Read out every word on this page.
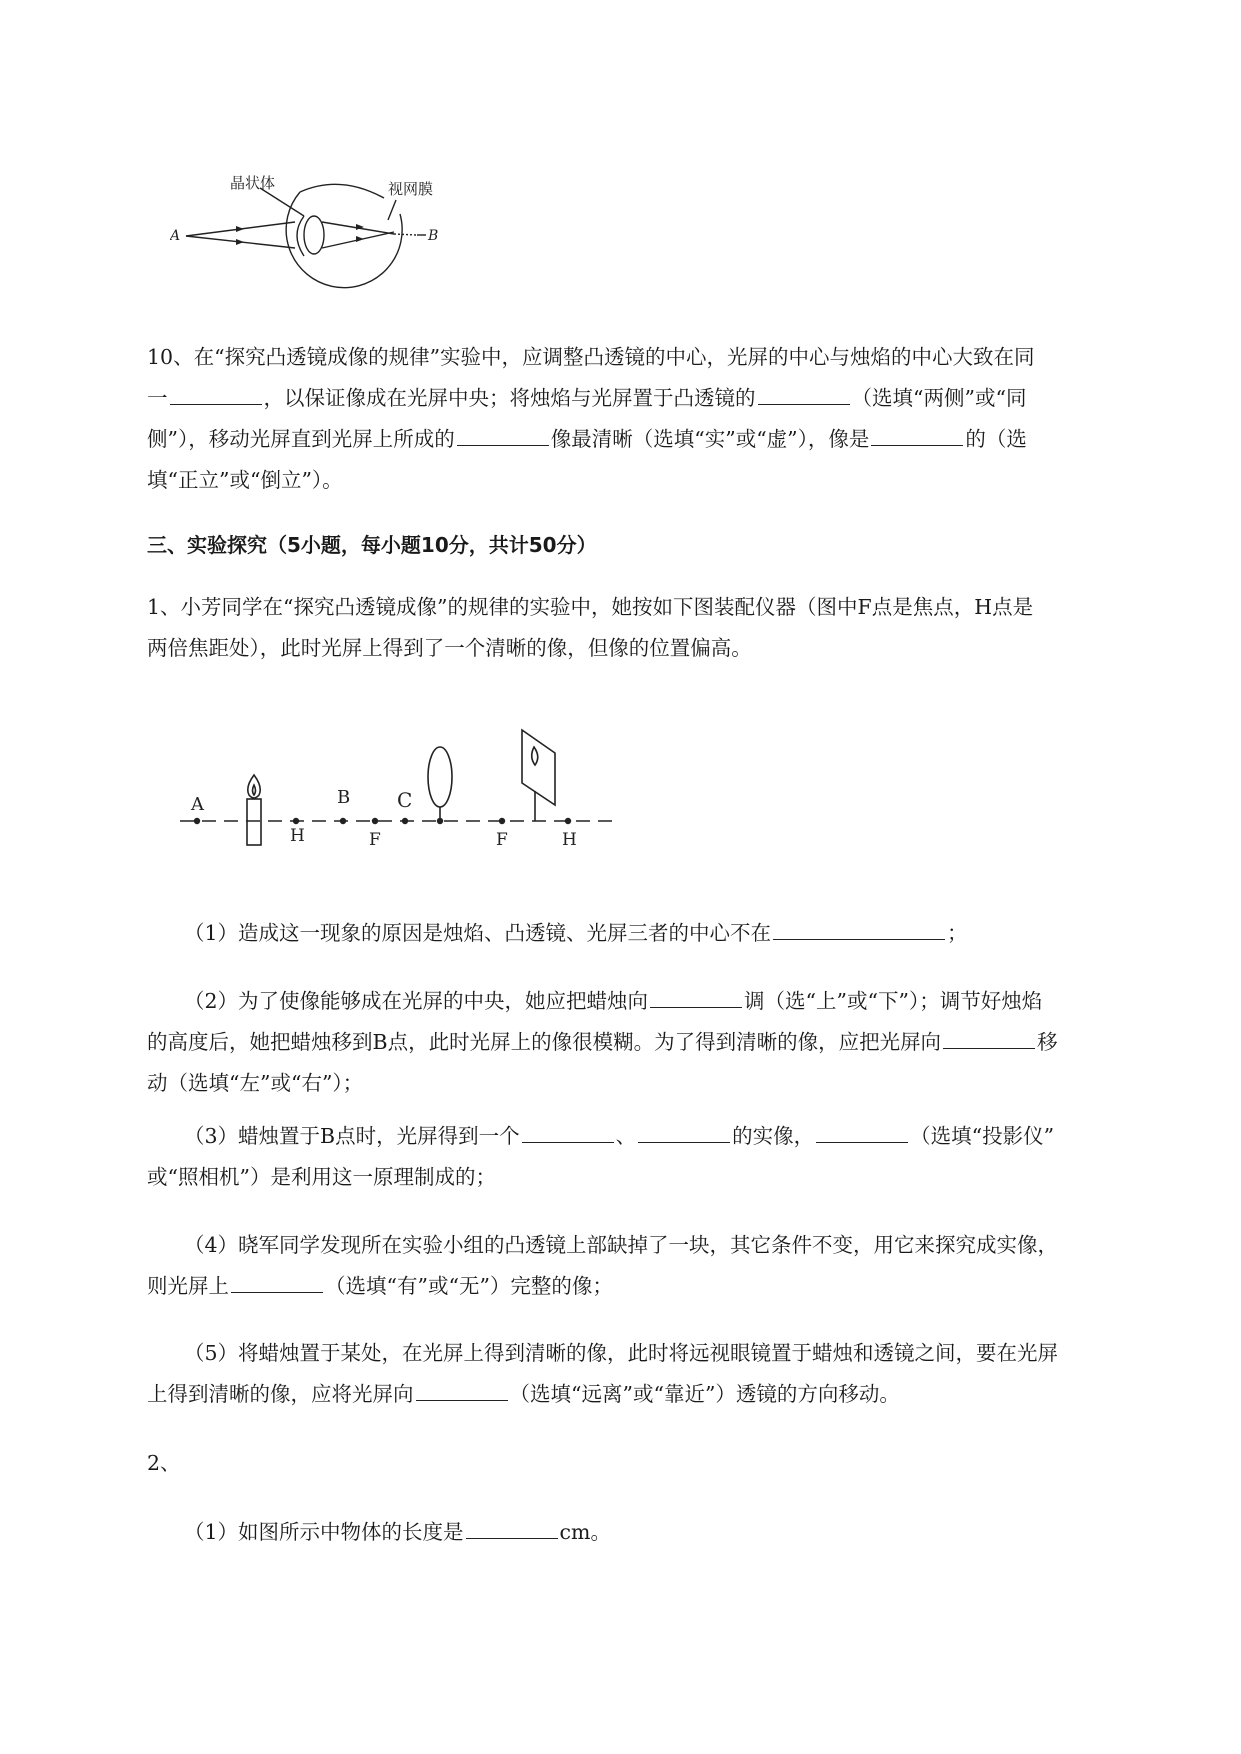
晶状体	视网膜
A	B
10、在“探究凸透镜成像的规律”实验中，应调整凸透镜的中心，光屏的中心与烛焰的中心大致在同
一	，以保证像成在光屏中央；将烛焰与光屏置于凸透镜的	（选填“两侧”或“同
侧”），移动光屏直到光屏上所成的	像最清晰（选填“实”或“虚”），像是	的（选
填“正立”或“倒立”）。
三、实验探究（5小题，每小题10分，共计50分）
1、小芳同学在“探究凸透镜成像”的规律的实验中，她按如下图装配仪器（图中F点是焦点，H点是
两倍焦距处），此时光屏上得到了一个清晰的像，但像的位置偏高。
A
H
B
F
C
F	H
（1）造成这一现象的原因是烛焰、凸透镜、光屏三者的中心不在	；
（2）为了使像能够成在光屏的中央，她应把蜡烛向	调（选“上”或“下”）；调节好烛焰
的高度后，她把蜡烛移到B点，此时光屏上的像很模糊。为了得到清晰的像，应把光屏向	移
动（选填“左”或“右”）；
（3）蜡烛置于B点时，光屏得到一个	、	的实像，	（选填“投影仪”
或“照相机”）是利用这一原理制成的；
（4）晓军同学发现所在实验小组的凸透镜上部缺掉了一块，其它条件不变，用它来探究成实像，
则光屏上	（选填“有”或“无”）完整的像；
（5）将蜡烛置于某处，在光屏上得到清晰的像，此时将远视眼镜置于蜡烛和透镜之间，要在光屏
上得到清晰的像，应将光屏向	（选填“远离”或“靠近”）透镜的方向移动。
2、
（1）如图所示中物体的长度是	cm。
